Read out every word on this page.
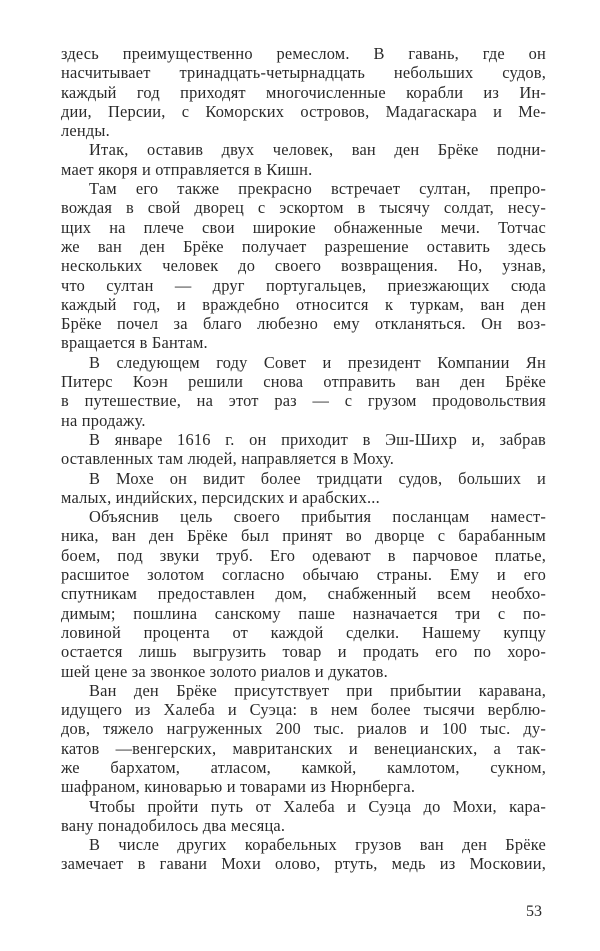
здесь преимущественно ремеслом. В гавань, где он
насчитывает тринадцать-четырнадцать небольших судов,
каждый год приходят многочисленные корабли из Ин-
дии, Персии, с Коморских островов, Мадагаскара и Ме-
ленды.
Итак, оставив двух человек, ван ден Брёке подни-
мает якоря и отправляется в Кишн.
Там его также прекрасно встречает султан, препро-
вождая в свой дворец с эскортом в тысячу солдат, несу-
щих на плече свои широкие обнаженные мечи. Тотчас
же ван ден Брёке получает разрешение оставить здесь
нескольких человек до своего возвращения. Но, узнав,
что султан — друг португальцев, приезжающих сюда
каждый год, и враждебно относится к туркам, ван ден
Брёке почел за благо любезно ему откланяться. Он воз-
вращается в Бантам.
В следующем году Совет и президент Компании Ян
Питерс Коэн решили снова отправить ван ден Брёке
в путешествие, на этот раз — с грузом продовольствия
на продажу.
В январе 1616 г. он приходит в Эш-Шихр и, забрав
оставленных там людей, направляется в Моху.
В Мохе он видит более тридцати судов, больших и
малых, индийских, персидских и арабских...
Объяснив цель своего прибытия посланцам намест-
ника, ван ден Брёке был принят во дворце с барабанным
боем, под звуки труб. Его одевают в парчовое платье,
расшитое золотом согласно обычаю страны. Ему и его
спутникам предоставлен дом, снабженный всем необхо-
димым; пошлина санскому паше назначается три с по-
ловиной процента от каждой сделки. Нашему купцу
остается лишь выгрузить товар и продать его по хоро-
шей цене за звонкое золото риалов и дукатов.
Ван ден Брёке присутствует при прибытии каравана,
идущего из Халеба и Суэца: в нем более тысячи верблю-
дов, тяжело нагруженных 200 тыс. риалов и 100 тыс. ду-
катов —венгерских, мавританских и венецианских, а так-
же бархатом, атласом, камкой, камлотом, сукном,
шафраном, киноварью и товарами из Нюрнберга.
Чтобы пройти путь от Халеба и Суэца до Мохи, кара-
вану понадобилось два месяца.
В числе других корабельных грузов ван ден Брёке
замечает в гавани Мохи олово, ртуть, медь из Московии,
53
